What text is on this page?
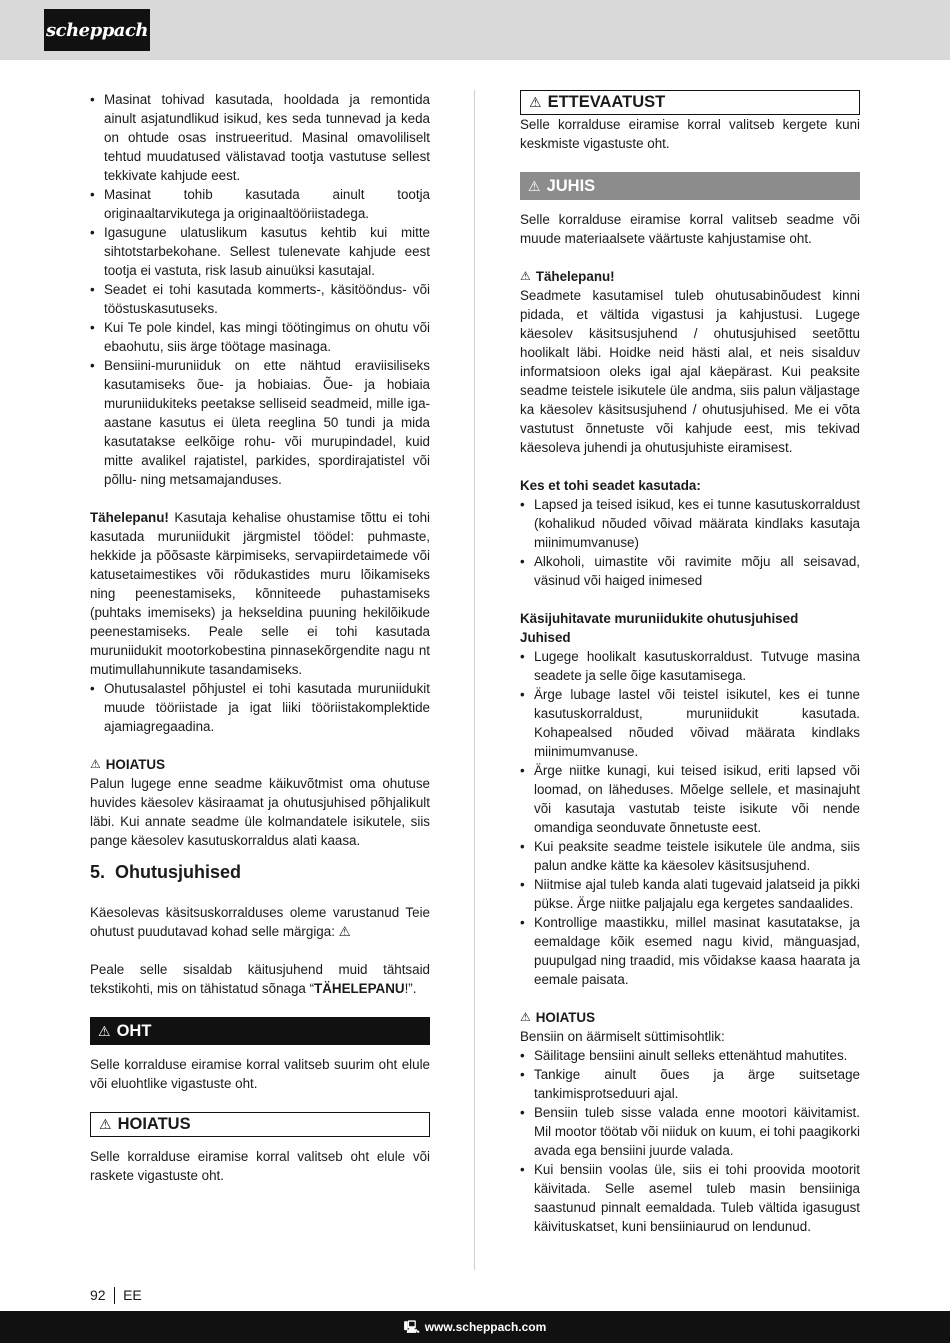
scheppach
• Masinat tohivad kasutada, hooldada ja remontida ainult asjatundlikud isikud, kes seda tunnevad ja keda on ohtude osas instrueeritud. Masinal omavoliliselt tehtud muudatused välistavad tootja vastutuse sellest tekkivate kahjude eest.
• Masinat tohib kasutada ainult tootja originaaltarvikutega ja originaaltööriistadega.
• Igasugune ulatuslikum kasutus kehtib kui mitte sihtotstarbekohane. Sellest tulenevate kahjude eest tootja ei vastuta, risk lasub ainuüksi kasutajal.
• Seadet ei tohi kasutada kommerts-, käsitööndus- või tööstuskasutuseks.
• Kui Te pole kindel, kas mingi töötingimus on ohutu või ebaohutu, siis ärge töötage masinaga.
• Bensiini-muruniiduk on ette nähtud eraviisiliseks kasutamiseks õue- ja hobiaias. Õue- ja hobiaia muruniidukiteks peetakse selliseid seadmeid, mille iga-aastane kasutus ei ületa reeglina 50 tundi ja mida kasutatakse eelkõige rohu- või murupindadel, kuid mitte avalikel rajatistel, parkides, spordirajatistel või põllu- ning metsamajanduses.

Tähelepanu! Kasutaja kehalise ohustamise tõttu ei tohi kasutada muruniidukit järgmistel töödel: puhmaste, hekkide ja põõsaste kärpimiseks, servapiirdetaimede või katusetaimestikes või rõdukastides muru lõikamiseks ning peenestamiseks, kõnniteede puhastamiseks (puhtaks imemiseks) ja hekseldina puuning hekilõikude peenestamiseks. Peale selle ei tohi kasutada muruniidukit mootorkobestina pinnasekõrgendite nagu nt mutimullahunnikute tasandamiseks.

• Ohutusalastel põhjustel ei tohi kasutada muruniidukit muude tööriistade ja igat liiki tööriistakomplektide ajamiagregaadina.
⚠ HOIATUS

Palun lugege enne seadme käikuvõtmist oma ohutuse huvides käesolev käsiraamat ja ohutusjuhised põhjalikult läbi. Kui annate seadme üle kolmandatele isikutele, siis pange käesolev kasutuskorraldus alati kaasa.

5. Ohutusjuhised

Käesolevas käsitsuskorralduses oleme varustanud Teie ohutust puudutavad kohad selle märgiga: ⚠

Peale selle sisaldab käitusjuhend muid tähtsaid tekstikohti, mis on tähistatud sõnaga “TÄHELEPANU!”.

⚠ OHT

Selle korralduse eiramise korral valitseb suurim oht elule või eluohtlike vigastuste oht.

⚠ HOIATUS

Selle korralduse eiramise korral valitseb oht elule või raskete vigastuste oht.

⚠ ETTEVAATUST

Selle korralduse eiramise korral valitseb kergete kuni keskmiste vigastuste oht.

⚠ JUHIS

Selle korralduse eiramise korral valitseb seadme või muude materiaalsete väärtuste kahjustamise oht.

⚠ Tähelepanu!

Seadmete kasutamisel tuleb ohutusabinõudest kinni pidada, et vältida vigastusi ja kahjustusi. Lugege käesolev käsitsusjuhend / ohutusjuhised seetõttu hoolikalt läbi. Hoidke neid hästi alal, et neis sisalduv informatsioon oleks igal ajal käepärast. Kui peaksite seadme teistele isikutele üle andma, siis palun väljastage ka käesolev käsitsusjuhend / ohutusjuhised. Me ei võta vastutust õnnetuste või kahjude eest, mis tekivad käesoleva juhendi ja ohutusjuhiste eiramisest.

Kes et tohi seadet kasutada:
• Lapsed ja teised isikud, kes ei tunne kasutuskorraldust (kohalikud nõuded võivad määrata kindlaks kasutaja miinimumvanuse)
• Alkoholi, uimastite või ravimite mõju all seisavad, väsinud või haiged inimesed
Käsijuhitavate muruniidukite ohutusjuhised
Juhised
• Lugege hoolikalt kasutuskorraldust. Tutvuge masina seadete ja selle õige kasutamisega.
• Ärge lubage lastel või teistel isikutel, kes ei tunne kasutuskorraldust, muruniidukit kasutada. Kohapealsed nõuded võivad määrata kindlaks miinimumvanuse.
• Ärge niitke kunagi, kui teised isikud, eriti lapsed või loomad, on läheduses. Mõelge sellele, et masinajuht või kasutaja vastutab teiste isikute või nende omandiga seonduvate õnnetuste eest.
• Kui peaksite seadme teistele isikutele üle andma, siis palun andke kätte ka käesolev käsitsusjuhend.
• Niitmise ajal tuleb kanda alati tugevaid jalatseid ja pikki pükse. Ärge niitke paljajalu ega kergetes sandaalides.
• Kontrollige maastikku, millel masinat kasutatakse, ja eemaldage kõik esemed nagu kivid, mänguasjad, puupulgad ning traadid, mis võidakse kaasa haarata ja eemale paisata.
⚠ HOIATUS

Bensiin on äärmiselt süttimisohtlik:

• Säilitage bensiini ainult selleks ettenähtud mahutites.
• Tankige ainult õues ja ärge suitsetage tankimisprotseduuri ajal.
• Bensiin tuleb sisse valada enne mootori käivitamist. Mil mootor töötab või niiduk on kuum, ei tohi paagikorki avada ega bensiini juurde valada.
• Kui bensiin voolas üle, siis ei tohi proovida mootorit käivitada. Selle asemel tuleb masin bensiiniga saastunud pinnalt eemaldada. Tuleb vältida igasugust käivituskatset, kuni bensiiniaurud on lendunud.
92 EE
🖳 www.scheppach.com
